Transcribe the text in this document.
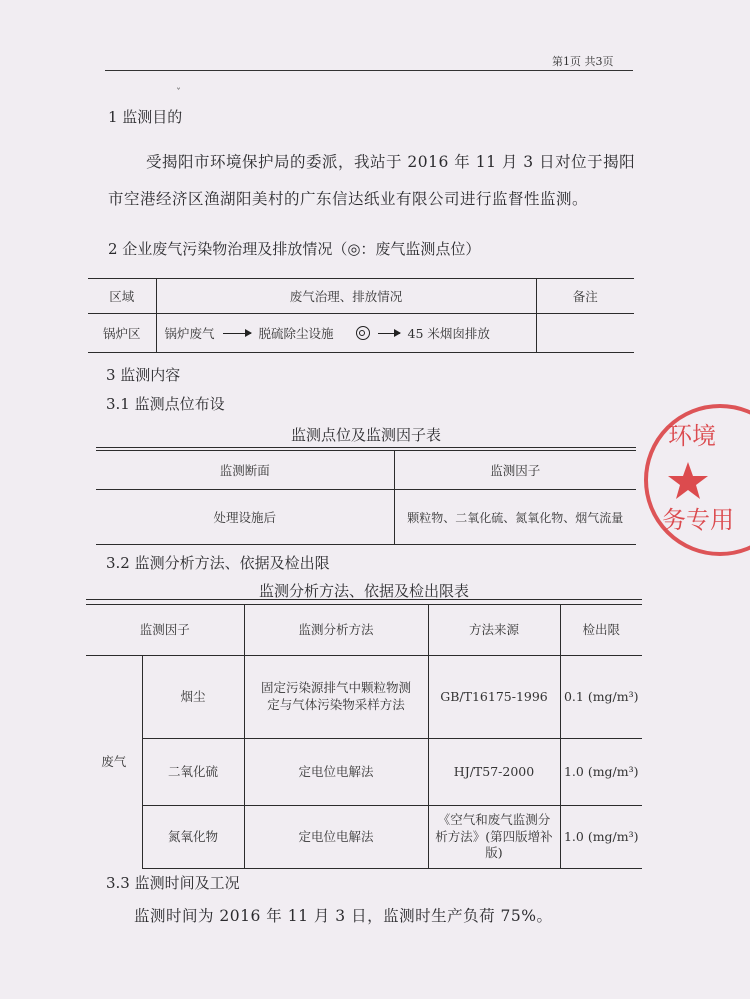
第1页 共3页
ˇ
1 监测目的
受揭阳市环境保护局的委派，我站于 2016 年 11 月 3 日对位于揭阳
市空港经济区渔湖阳美村的广东信达纸业有限公司进行监督性监测。
2 企业废气污染物治理及排放情况（◎：废气监测点位）
区域	废气治理、排放情况	备注
锅炉区	锅炉废气 脱硫除尘设施 45 米烟囱排放	

3 监测内容
3.1 监测点位布设
监测点位及监测因子表
监测断面	监测因子
处理设施后	颗粒物、二氧化硫、氮氧化物、烟气流量
3.2 监测分析方法、依据及检出限
监测分析方法、依据及检出限表
监测因子		监测分析方法	方法来源	检出限
废气	烟尘	固定污染源排气中颗粒物测定与气体污染物采样方法	GB/T16175-1996	0.1 (mg/m³)
	二氧化硫	定电位电解法	HJ/T57-2000	1.0 (mg/m³)
	氮氧化物	定电位电解法	《空气和废气监测分析方法》(第四版增补版)	1.0 (mg/m³)
3.3 监测时间及工况
监测时间为 2016 年 11 月 3 日，监测时生产负荷 75%。
环境
务专用
